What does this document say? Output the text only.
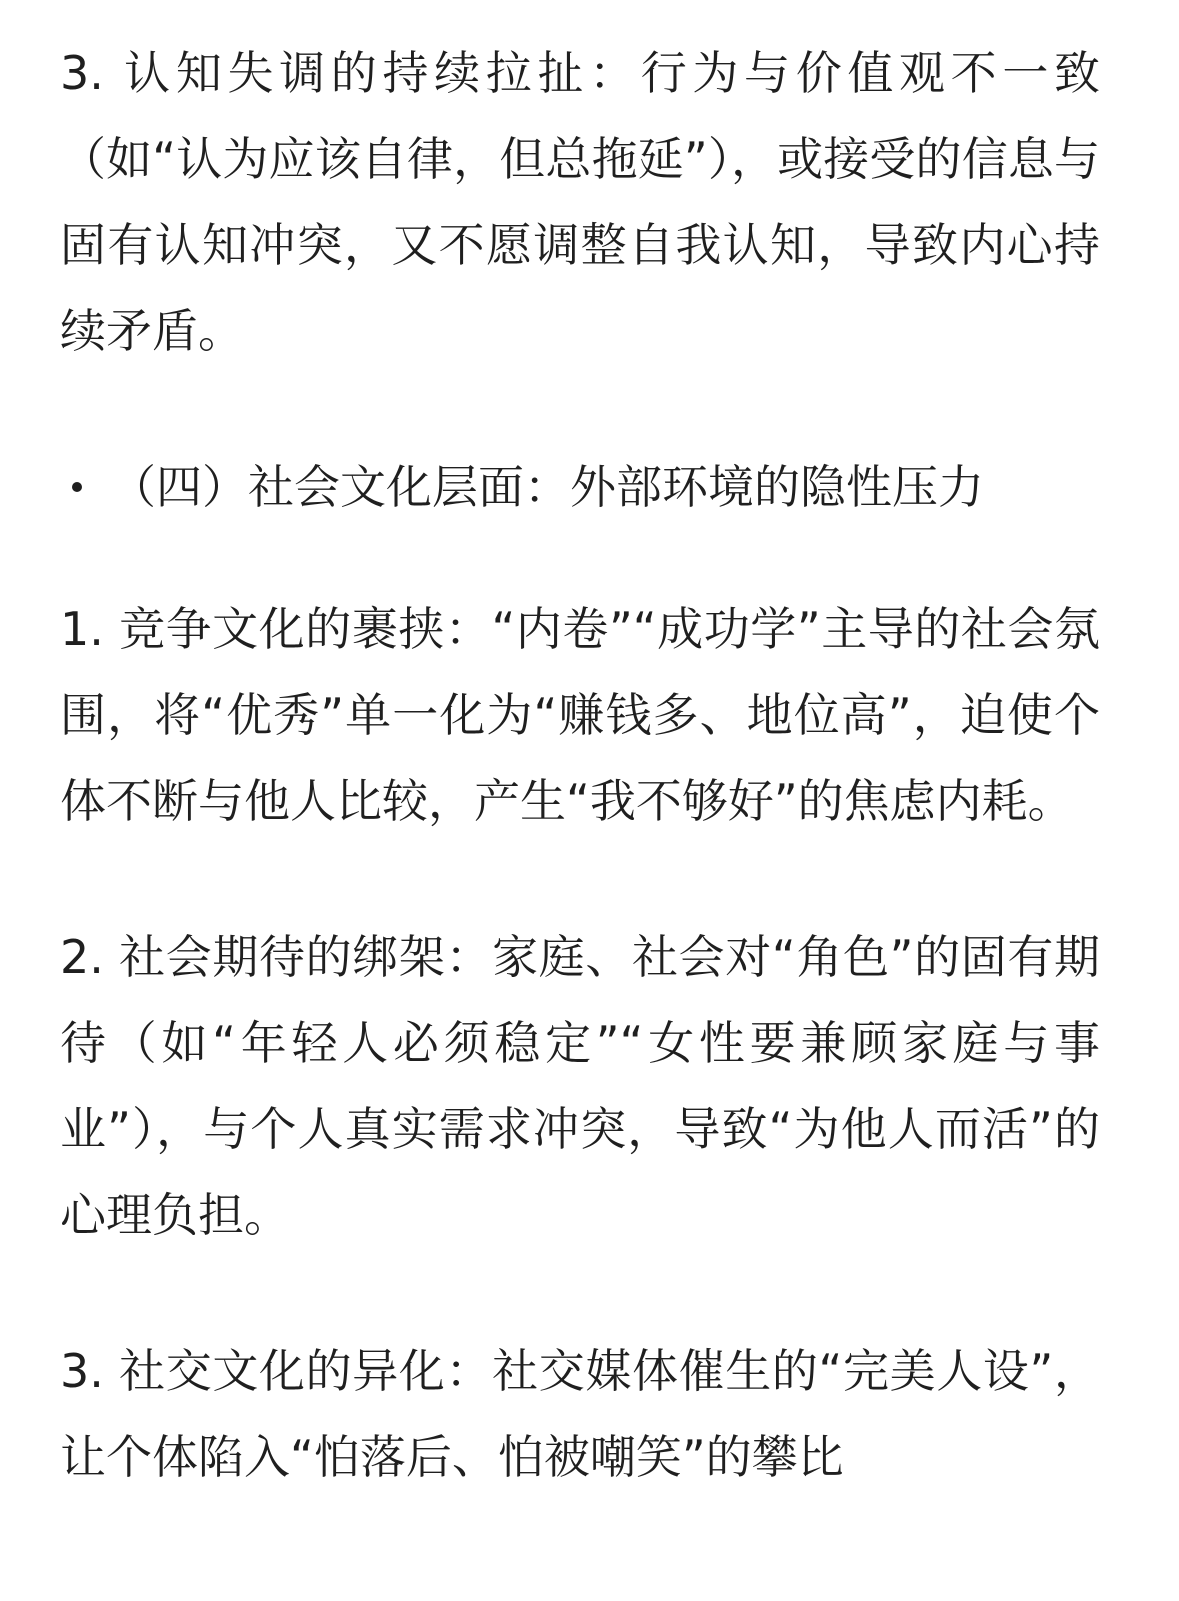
3. 认知失调的持续拉扯：行为与价值观不一致（如“认为应该自律，但总拖延”），或接受的信息与固有认知冲突，又不愿调整自我认知，导致内心持续矛盾。

（四）社会文化层面：外部环境的隐性压力

1. 竞争文化的裹挟：“内卷”“成功学”主导的社会氛围，将“优秀”单一化为“赚钱多、地位高”，迫使个体不断与他人比较，产生“我不够好”的焦虑内耗。

2. 社会期待的绑架：家庭、社会对“角色”的固有期待（如“年轻人必须稳定”“女性要兼顾家庭与事业”），与个人真实需求冲突，导致“为他人而活”的心理负担。

3. 社交文化的异化：社交媒体催生的“完美人设”，让个体陷入“怕落后、怕被嘲笑”的攀比
